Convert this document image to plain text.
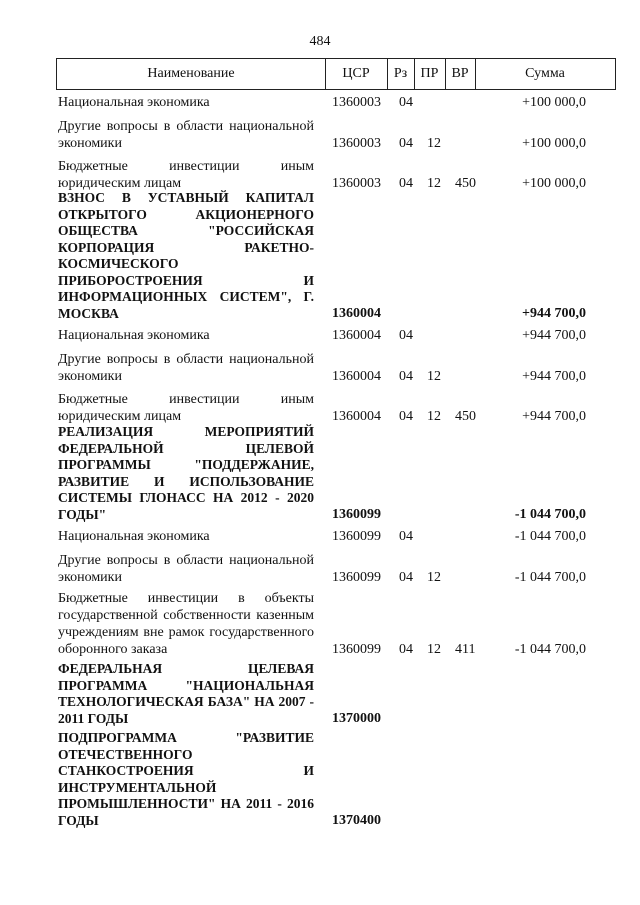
484
Наименование	ЦСР	Рз ПР ВР	Сумма
Национальная экономика	1360003 04	+100 000,0
Другие вопросы в области национальной экономики	1360003 04 12	+100 000,0
Бюджетные инвестиции иным юридическим лицам	1360003 04 12 450	+100 000,0
ВЗНОС В УСТАВНЫЙ КАПИТАЛ ОТКРЫТОГО АКЦИОНЕРНОГО ОБЩЕСТВА "РОССИЙСКАЯ КОРПОРАЦИЯ РАКЕТНО-КОСМИЧЕСКОГО ПРИБОРОСТРОЕНИЯ И ИНФОРМАЦИОННЫХ СИСТЕМ", Г. МОСКВА	1360004	+944 700,0
Национальная экономика	1360004 04	+944 700,0
Другие вопросы в области национальной экономики	1360004 04 12	+944 700,0
Бюджетные инвестиции иным юридическим лицам	1360004 04 12 450	+944 700,0
РЕАЛИЗАЦИЯ МЕРОПРИЯТИЙ ФЕДЕРАЛЬНОЙ ЦЕЛЕВОЙ ПРОГРАММЫ "ПОДДЕРЖАНИЕ, РАЗВИТИЕ И ИСПОЛЬЗОВАНИЕ СИСТЕМЫ ГЛОНАСС НА 2012 - 2020 ГОДЫ"	1360099	-1 044 700,0
Национальная экономика	1360099 04	-1 044 700,0
Другие вопросы в области национальной экономики	1360099 04 12	-1 044 700,0
Бюджетные инвестиции в объекты государственной собственности казенным учреждениям вне рамок государственного оборонного заказа	1360099 04 12 411	-1 044 700,0
ФЕДЕРАЛЬНАЯ ЦЕЛЕВАЯ ПРОГРАММА "НАЦИОНАЛЬНАЯ ТЕХНОЛОГИЧЕСКАЯ БАЗА" НА 2007 - 2011 ГОДЫ	1370000
ПОДПРОГРАММА "РАЗВИТИЕ ОТЕЧЕСТВЕННОГО СТАНКОСТРОЕНИЯ И ИНСТРУМЕНТАЛЬНОЙ ПРОМЫШЛЕННОСТИ" НА 2011 - 2016 ГОДЫ	1370400
